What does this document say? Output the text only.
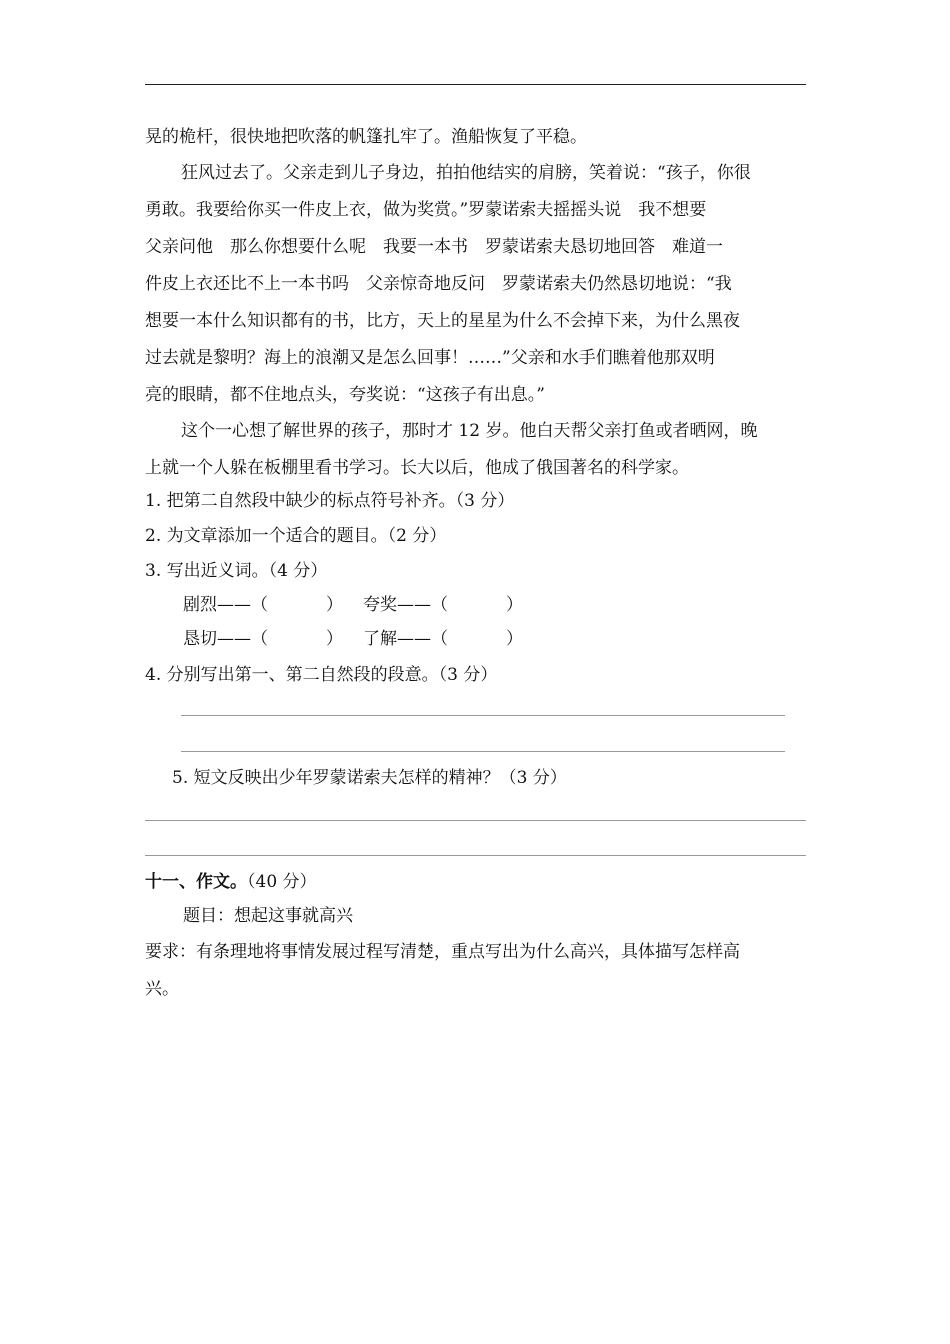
晃的桅杆，很快地把吹落的帆篷扎牢了。渔船恢复了平稳。
狂风过去了。父亲走到儿子身边，拍拍他结实的肩膀，笑着说：“孩子，你很
勇敢。我要给你买一件皮上衣，做为奖赏。”罗蒙诺索夫摇摇头说　我不想要
父亲问他　那么你想要什么呢　我要一本书　罗蒙诺索夫恳切地回答　难道一
件皮上衣还比不上一本书吗　父亲惊奇地反问　罗蒙诺索夫仍然恳切地说：“我
想要一本什么知识都有的书，比方，天上的星星为什么不会掉下来，为什么黑夜
过去就是黎明？海上的浪潮又是怎么回事！……”父亲和水手们瞧着他那双明
亮的眼睛，都不住地点头，夸奖说：“这孩子有出息。”
这个一心想了解世界的孩子，那时才 12 岁。他白天帮父亲打鱼或者晒网，晚
上就一个人躲在板棚里看书学习。长大以后，他成了俄国著名的科学家。
1. 把第二自然段中缺少的标点符号补齐。（3 分）
2. 为文章添加一个适合的题目。（2 分）
3. 写出近义词。（4 分）
剧烈——（	） 夸奖——（	）
恳切——（	） 了解——（	）
4. 分别写出第一、第二自然段的段意。（3 分）
5. 短文反映出少年罗蒙诺索夫怎样的精神？（3 分）
十一、作文。（40 分）
题目：想起这事就高兴
要求：有条理地将事情发展过程写清楚，重点写出为什么高兴，具体描写怎样高
兴。
